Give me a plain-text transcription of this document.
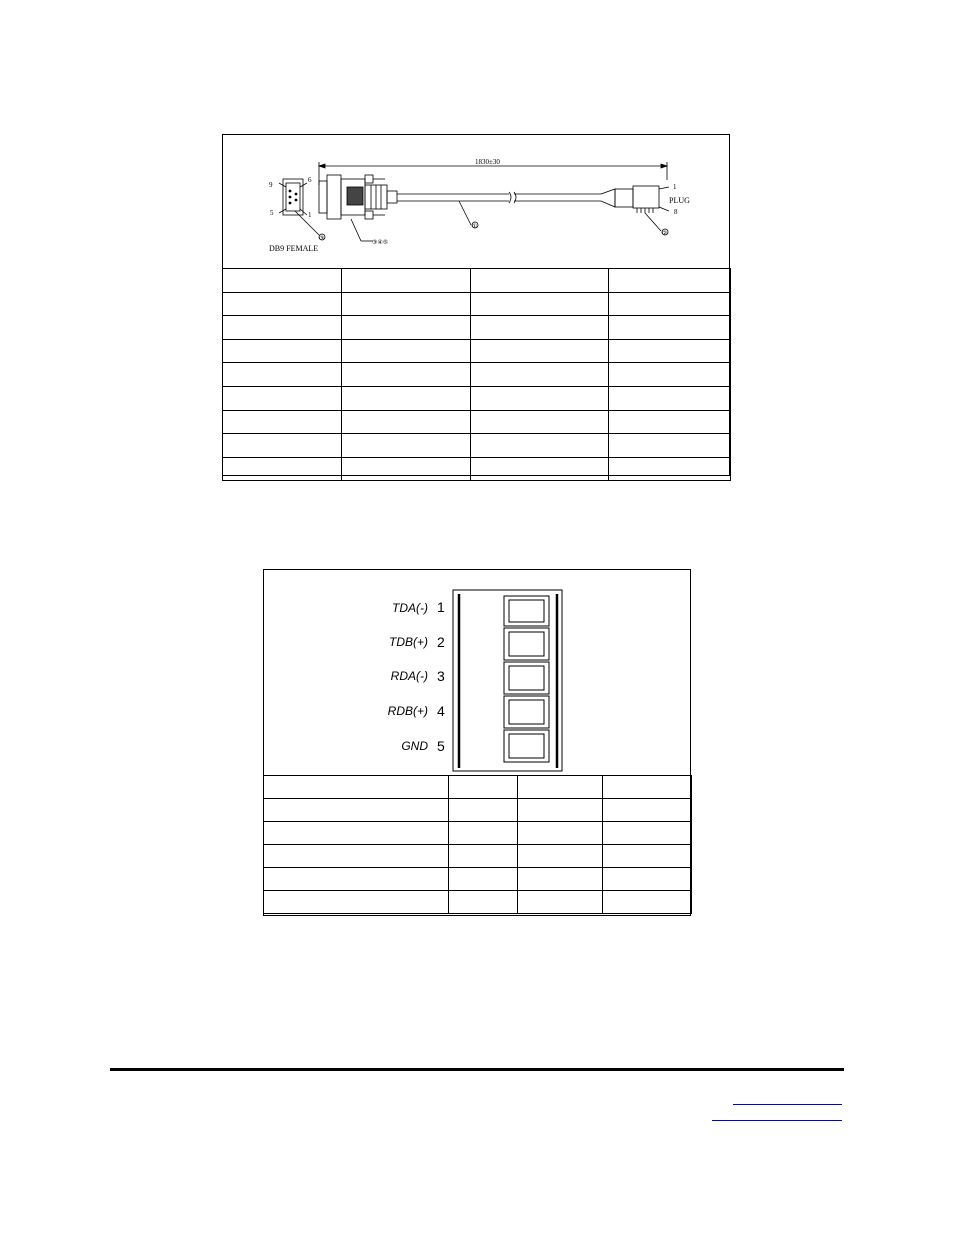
1830±30
9
6
5	1
1
8
PLUG
DB9 FEMALE
③
③④⑤
①
②

TDA(-) 1
TDB(+) 2
RDA(-) 3
RDB(+) 4
GND 5
